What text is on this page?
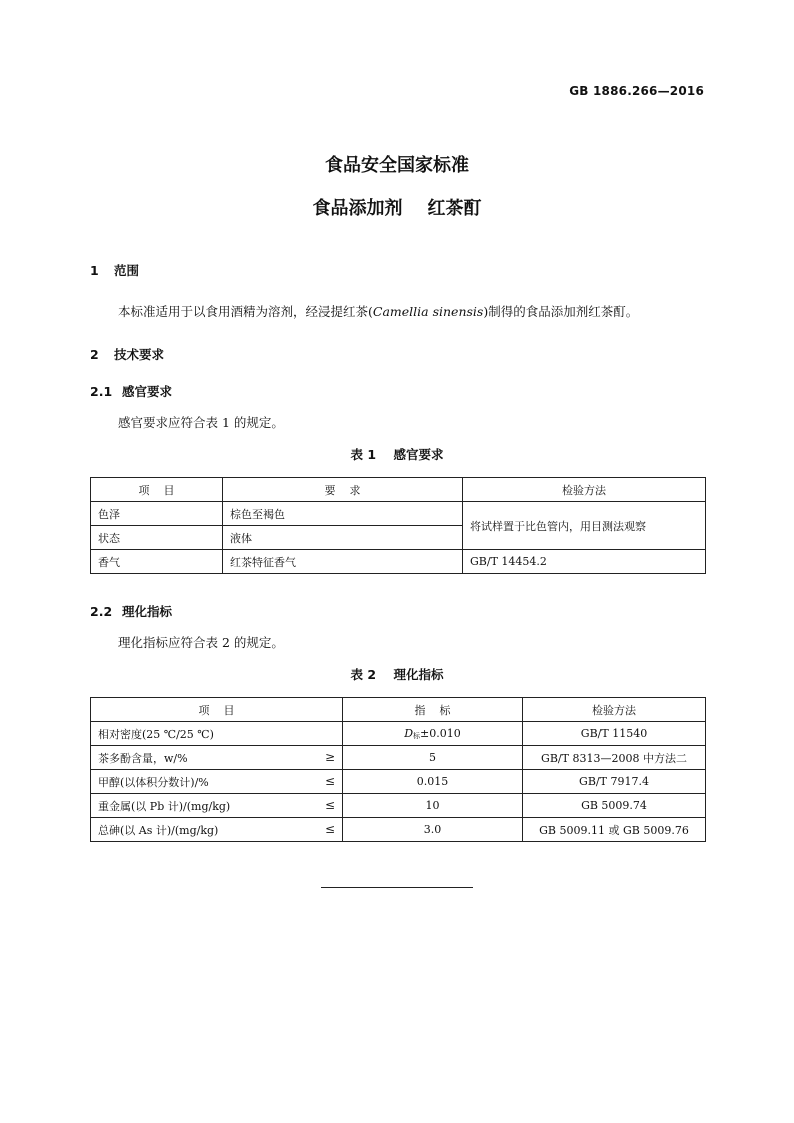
GB 1886.266—2016
食品安全国家标准
食品添加剂    红茶酊
1 范围
本标准适用于以食用酒精为溶剂，经浸提红茶(Camellia sinensis)制得的食品添加剂红茶酊。
2 技术要求
2.1 感官要求
感官要求应符合表 1 的规定。
表 1    感官要求
项    目	要    求	检验方法
色泽	棕色至褐色	将试样置于比色管内，用目测法观察
状态	液体	
香气	红茶特征香气	GB/T 14454.2
2.2 理化指标
理化指标应符合表 2 的规定。
表 2    理化指标
项    目	指    标	检验方法
相对密度(25 ℃/25 ℃)	D标±0.010	GB/T 11540
茶多酚含量，w/% ≥	5	GB/T 8313—2008 中方法二
甲醇(以体积分数计)/% ≤	0.015	GB/T 7917.4
重金属(以 Pb 计)/(mg/kg) ≤	10	GB 5009.74
总砷(以 As 计)/(mg/kg) ≤	3.0	GB 5009.11 或 GB 5009.76
